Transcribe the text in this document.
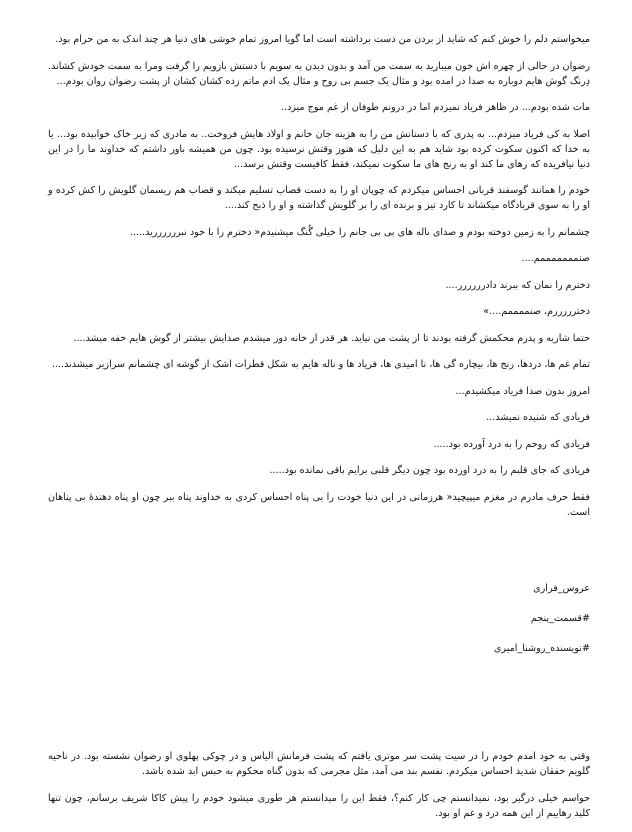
میخواستم دلم را خوش کنم که شاید از بردن من دست برداشته است اما گویا امروز تمام خوشی های دنیا هر چند اندک به من حرام بود.

رضوان در حالی از چهره اش خون میبارید به سمت من آمد و بدون دیدن به سویم با دستش بازویم را گرفت ومرا به سمت خودش کشاند. دِرنگ گوش هایم دوباره به صدا در امده بود و مثال یک جسم بی روح و مثال یک ادم ماتم زده کشان کشان از پشت رضوان روان بودم...

مات شده بودم... در ظاهر فریاد نمیزدم اما در درونم طوفان از غم موج میزد..

اصلا به کی فریاد میزدم... به پدری که با دستانش من را به هزینه جان خانم و اولاد هایش فروخت.. به مادری که زیر خاک خوابیده بود... یا به خدا که اکنون سکوت کرده بود شاید هم به این دلیل که هنوز وقتش نرسیده بود. چون من همیشه باور داشتم که خداوند ما را در این دنیا نیافریده که رهای ما کند او به رنج های ما سکوت نمیکند، فقط کافیست وقتش برسد...

خودم را همانند گوسفند قربانی احساس میکردم که چوپان او را به دست قصاب تسلیم میکند و قصاب هم ریسمان گلویش را کش کرده و او را به سوی قربادگاه میکشاند تا کارد تیز و برنده ای را بر گلویش گذاشته و او را ذبح کند....

چشمانم را به زمین دوخته بودم و صدای ناله های بی بی جانم را خیلی گُنگ میشنیدم« دخترم را با خود نبررررررید.....

صنمممممممم....

دخترم را نمان که ببرند دادرررررر....

دخترررررم، صنممممم....»

حتما شاریه و پدرم محکمش گرفته بودند تا از پشت من نیاید. هر قدر از خانه دور میشدم صدایش بیشتر از گوش هایم خفه میشد....

تمام غم ها، دردها، رنج ها، بیچاره گی ها، نا امیدی ها، فریاد ها و ناله هایم به شکل قطرات اشک از گوشه ای چشمانم سرازیر میشدند....

امروز بدون صدا فریاد میکشیدم...

فریادی که شنیده نمیشد...

فریادی که روحم را به درد آورده بود.....

فریادی که جای قلبم را به درد اورده بود چون دیگر قلبی برایم باقی نمانده بود.....

فقط حرف مادرم در مغزم میپیچید« هرزمانی در این دنیا خودت را بی پناه احساس کردی به خداوند پناه ببر چون او پناه دهندهٔ بی پناهان است.

عروس_فراری

#قسمت_پنجم

#نویسنده_روشنا_امیری

وقتی به خود امدم خودم را در سیت پشت سر موتری یافتم که پشت فرمانش الیاس و در چوکی پهلوی او رضوان نشسته بود. در ناحیه گلویم خفقان شدید احساس میکردم. نفسم بند می آمد، مثل مجرمی که بدون گناه محکوم به حبس ابد شده باشد.

حواسم خیلی درگیر بود، نمیدانستم چی کار کنم؟، فقط این را میدانستم هر طوری میشود خودم را پیش کاکا شریف برسانم، چون تنها کلید رهاییم از این همه درد و غم او بود.
